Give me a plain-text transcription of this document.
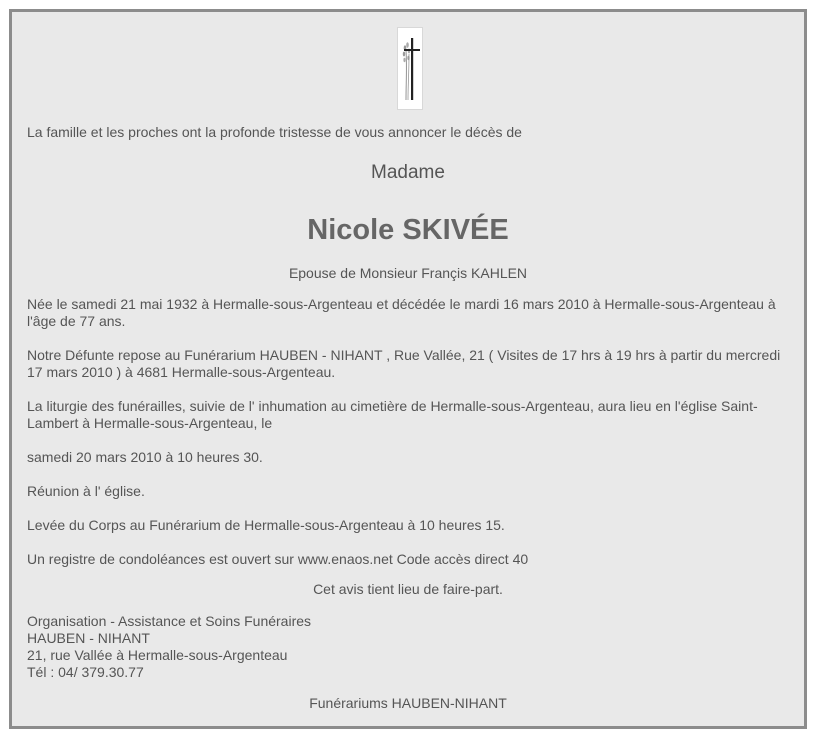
RIP
La famille et les proches ont la profonde tristesse de vous annoncer le décès de
Madame
Nicole SKIVÉE
Epouse de Monsieur Françis KAHLEN
Née le samedi 21 mai 1932 à Hermalle-sous-Argenteau et décédée le mardi 16 mars 2010 à Hermalle-sous-Argenteau à l'âge de 77 ans.
Notre Défunte repose au Funérarium HAUBEN - NIHANT , Rue Vallée, 21 ( Visites de 17 hrs à 19 hrs à partir du mercredi 17 mars 2010 ) à 4681 Hermalle-sous-Argenteau.
La liturgie des funérailles, suivie de l' inhumation au cimetière de Hermalle-sous-Argenteau, aura lieu en l'église Saint-Lambert à Hermalle-sous-Argenteau, le
samedi 20 mars 2010 à 10 heures 30.
Réunion à l' église.
Levée du Corps au Funérarium de Hermalle-sous-Argenteau à 10 heures 15.
Un registre de condoléances est ouvert sur www.enaos.net Code accès direct 40
Cet avis tient lieu de faire-part.
Organisation - Assistance et Soins Funéraires
HAUBEN - NIHANT
21, rue Vallée à Hermalle-sous-Argenteau
Tél : 04/ 379.30.77
Funérariums HAUBEN-NIHANT
